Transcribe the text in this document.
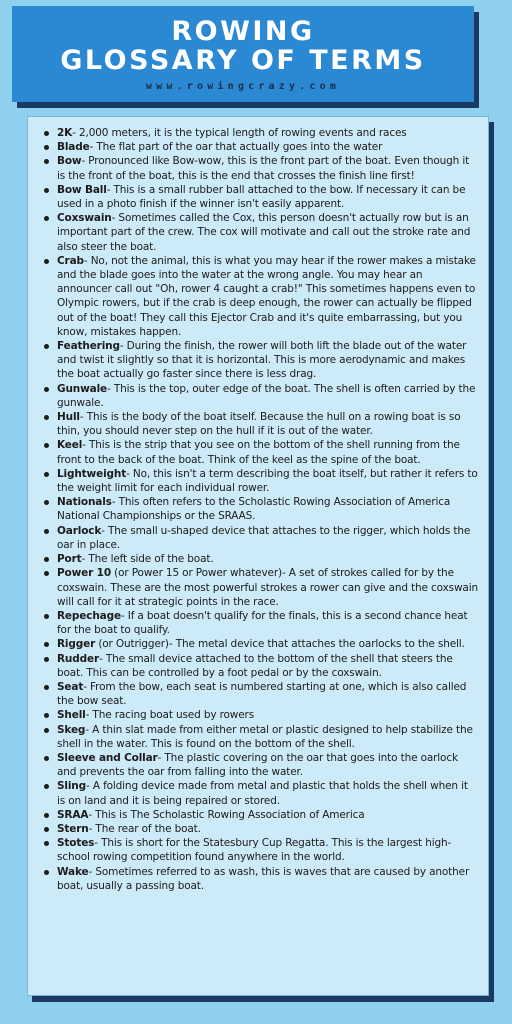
ROWING
GLOSSARY OF TERMS
www.rowingcrazy.com
2K- 2,000 meters, it is the typical length of rowing events and races
Blade- The flat part of the oar that actually goes into the water
Bow- Pronounced like Bow-wow, this is the front part of the boat. Even though it is the front of the boat, this is the end that crosses the finish line first!
Bow Ball- This is a small rubber ball attached to the bow. If necessary it can be used in a photo finish if the winner isn't easily apparent.
Coxswain- Sometimes called the Cox, this person doesn't actually row but is an important part of the crew. The cox will motivate and call out the stroke rate and also steer the boat.
Crab- No, not the animal, this is what you may hear if the rower makes a mistake and the blade goes into the water at the wrong angle. You may hear an announcer call out "Oh, rower 4 caught a crab!" This sometimes happens even to Olympic rowers, but if the crab is deep enough, the rower can actually be flipped out of the boat! They call this Ejector Crab and it's quite embarrassing, but you know, mistakes happen.
Feathering- During the finish, the rower will both lift the blade out of the water and twist it slightly so that it is horizontal. This is more aerodynamic and makes the boat actually go faster since there is less drag.
Gunwale- This is the top, outer edge of the boat. The shell is often carried by the gunwale.
Hull- This is the body of the boat itself. Because the hull on a rowing boat is so thin, you should never step on the hull if it is out of the water.
Keel- This is the strip that you see on the bottom of the shell running from the front to the back of the boat. Think of the keel as the spine of the boat.
Lightweight- No, this isn't a term describing the boat itself, but rather it refers to the weight limit for each individual rower.
Nationals- This often refers to the Scholastic Rowing Association of America National Championships or the SRAAS.
Oarlock- The small u-shaped device that attaches to the rigger, which holds the oar in place.
Port- The left side of the boat.
Power 10 (or Power 15 or Power whatever)- A set of strokes called for by the coxswain. These are the most powerful strokes a rower can give and the coxswain will call for it at strategic points in the race.
Repechage- If a boat doesn't qualify for the finals, this is a second chance heat for the boat to qualify.
Rigger (or Outrigger)- The metal device that attaches the oarlocks to the shell.
Rudder- The small device attached to the bottom of the shell that steers the boat. This can be controlled by a foot pedal or by the coxswain.
Seat- From the bow, each seat is numbered starting at one, which is also called the bow seat.
Shell- The racing boat used by rowers
Skeg- A thin slat made from either metal or plastic designed to help stabilize the shell in the water. This is found on the bottom of the shell.
Sleeve and Collar- The plastic covering on the oar that goes into the oarlock and prevents the oar from falling into the water.
Sling- A folding device made from metal and plastic that holds the shell when it is on land and it is being repaired or stored.
SRAA- This is The Scholastic Rowing Association of America
Stern- The rear of the boat.
Stotes- This is short for the Statesbury Cup Regatta. This is the largest high-school rowing competition found anywhere in the world.
Wake- Sometimes referred to as wash, this is waves that are caused by another boat, usually a passing boat.
